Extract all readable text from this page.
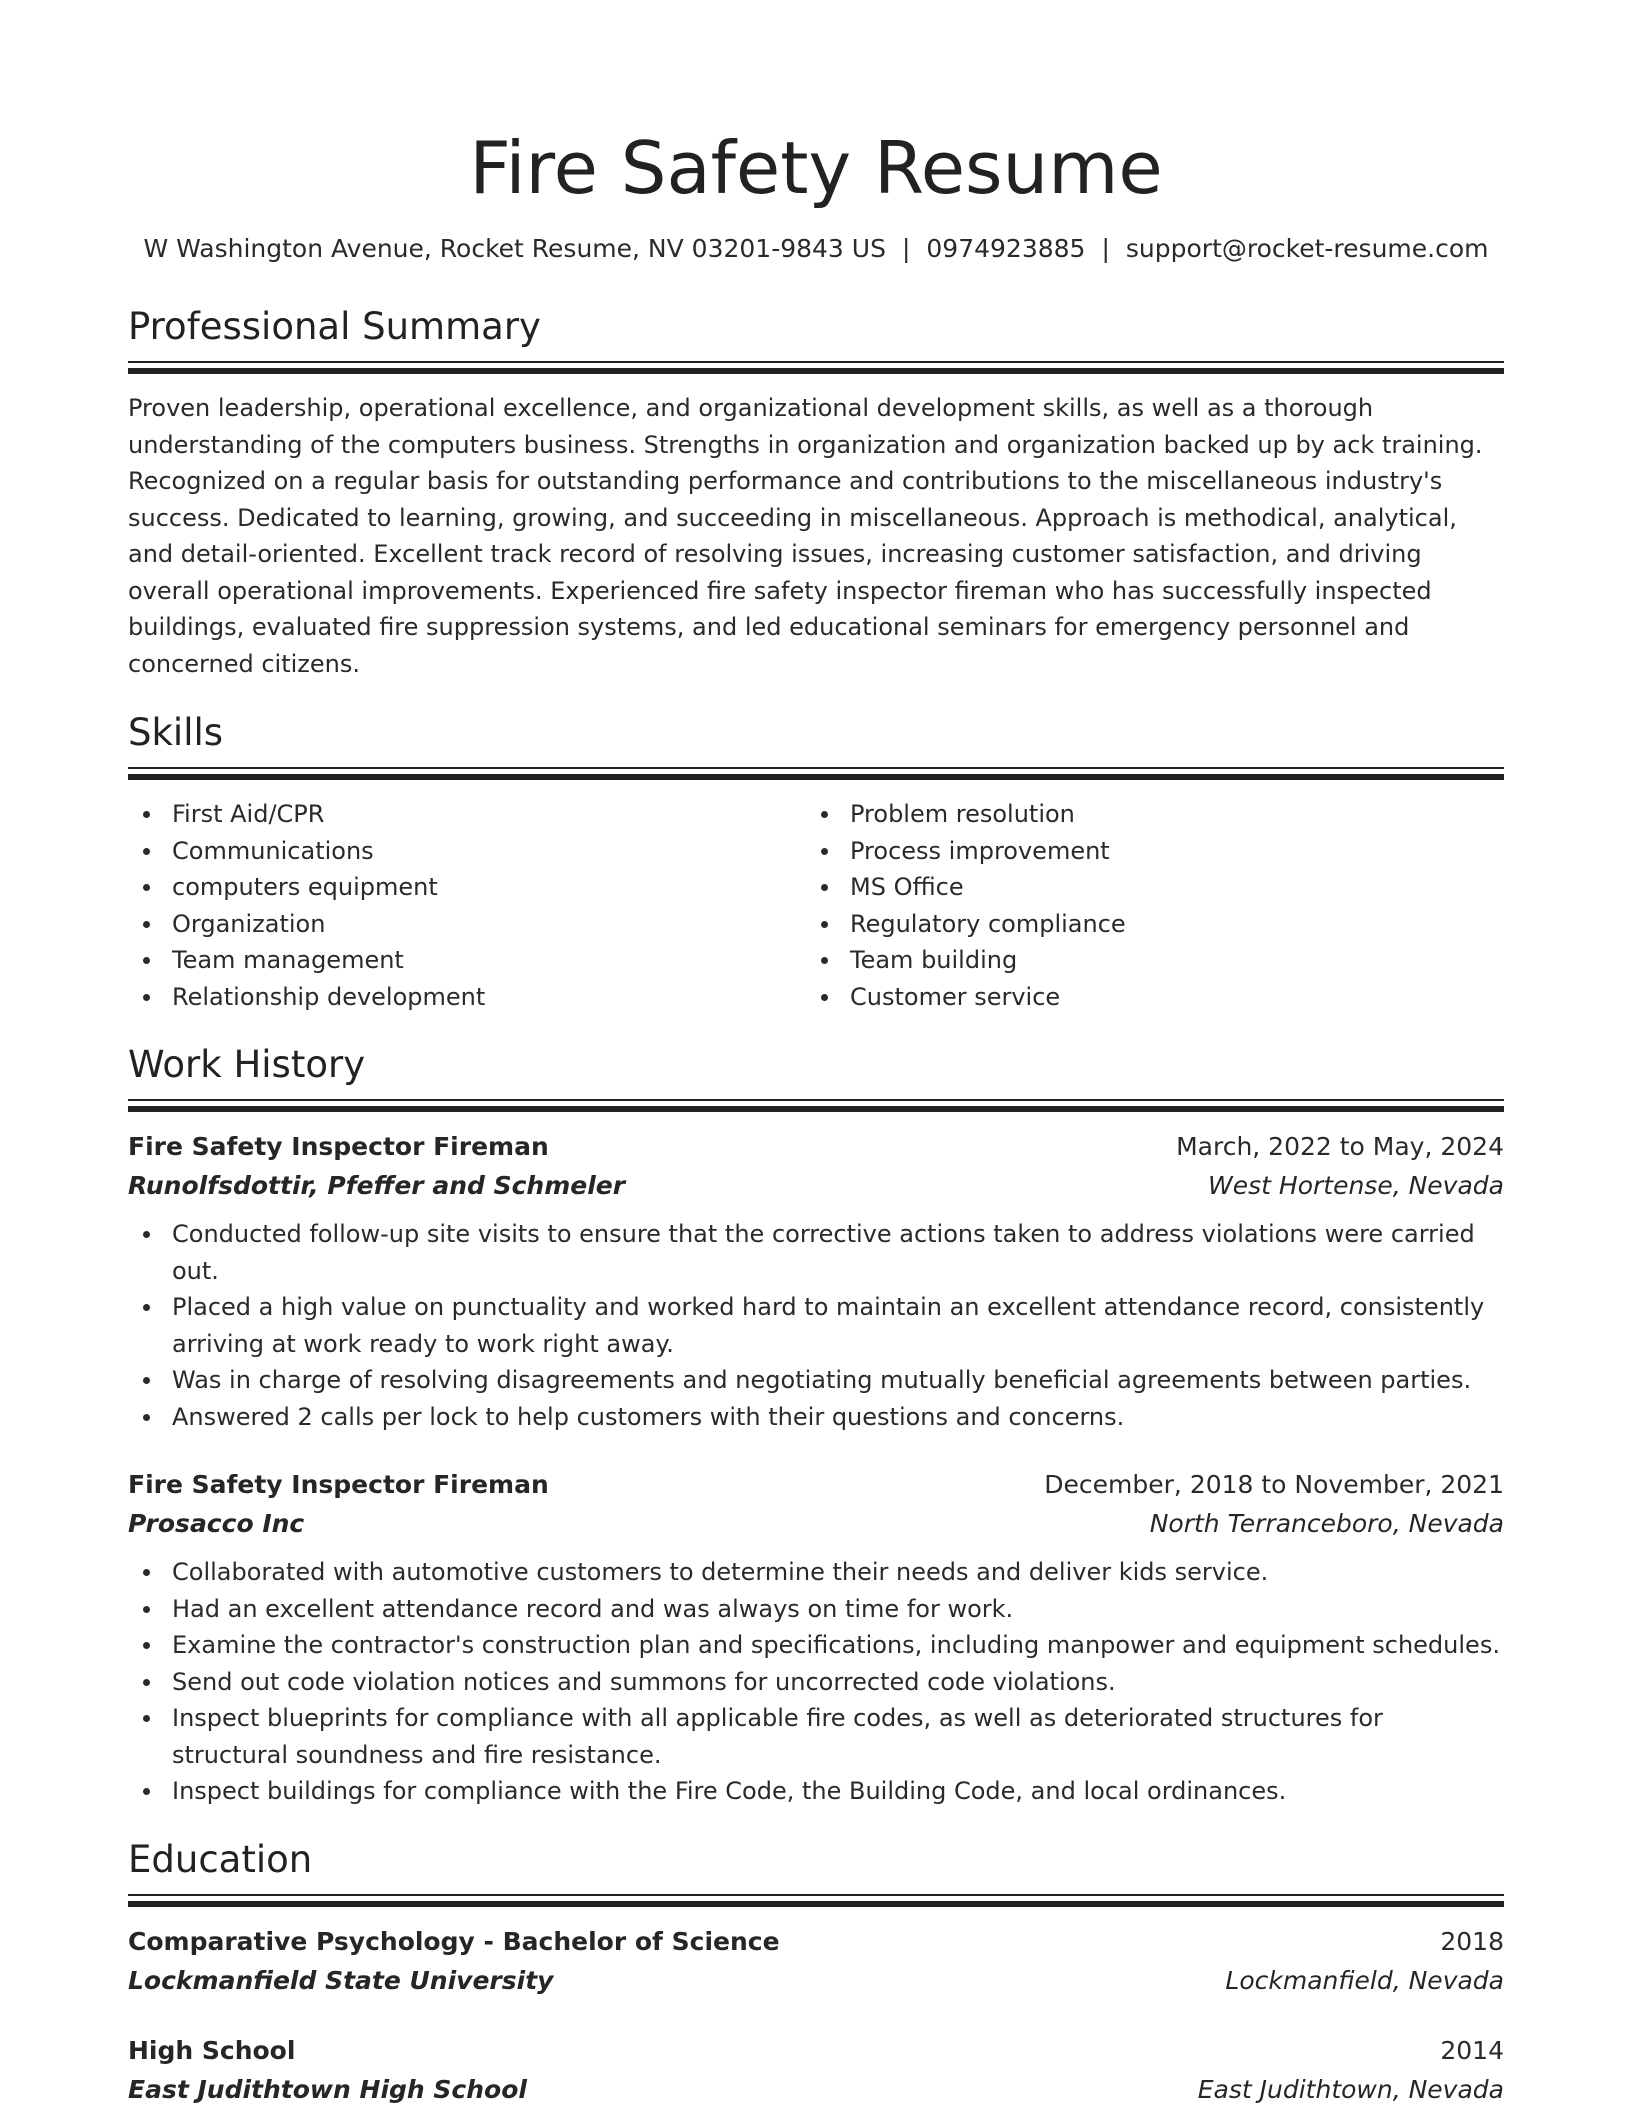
Fire Safety Resume
W Washington Avenue, Rocket Resume, NV 03201-9843 US | 0974923885 | support@rocket-resume.com
Professional Summary
Proven leadership, operational excellence, and organizational development skills, as well as a thorough understanding of the computers business. Strengths in organization and organization backed up by ack training. Recognized on a regular basis for outstanding performance and contributions to the miscellaneous industry's success. Dedicated to learning, growing, and succeeding in miscellaneous. Approach is methodical, analytical, and detail-oriented. Excellent track record of resolving issues, increasing customer satisfaction, and driving overall operational improvements. Experienced fire safety inspector fireman who has successfully inspected buildings, evaluated fire suppression systems, and led educational seminars for emergency personnel and concerned citizens.
Skills
First Aid/CPR
Communications
computers equipment
Organization
Team management
Relationship development
Problem resolution
Process improvement
MS Office
Regulatory compliance
Team building
Customer service
Work History
Fire Safety Inspector Fireman	March, 2022 to May, 2024
Runolfsdottir, Pfeffer and Schmeler	West Hortense, Nevada
Conducted follow-up site visits to ensure that the corrective actions taken to address violations were carried out.
Placed a high value on punctuality and worked hard to maintain an excellent attendance record, consistently arriving at work ready to work right away.
Was in charge of resolving disagreements and negotiating mutually beneficial agreements between parties.
Answered 2 calls per lock to help customers with their questions and concerns.
Fire Safety Inspector Fireman	December, 2018 to November, 2021
Prosacco Inc	North Terranceboro, Nevada
Collaborated with automotive customers to determine their needs and deliver kids service.
Had an excellent attendance record and was always on time for work.
Examine the contractor's construction plan and specifications, including manpower and equipment schedules.
Send out code violation notices and summons for uncorrected code violations.
Inspect blueprints for compliance with all applicable fire codes, as well as deteriorated structures for structural soundness and fire resistance.
Inspect buildings for compliance with the Fire Code, the Building Code, and local ordinances.
Education
Comparative Psychology - Bachelor of Science	2018
Lockmanfield State University	Lockmanfield, Nevada
High School	2014
East Judithtown High School	East Judithtown, Nevada
